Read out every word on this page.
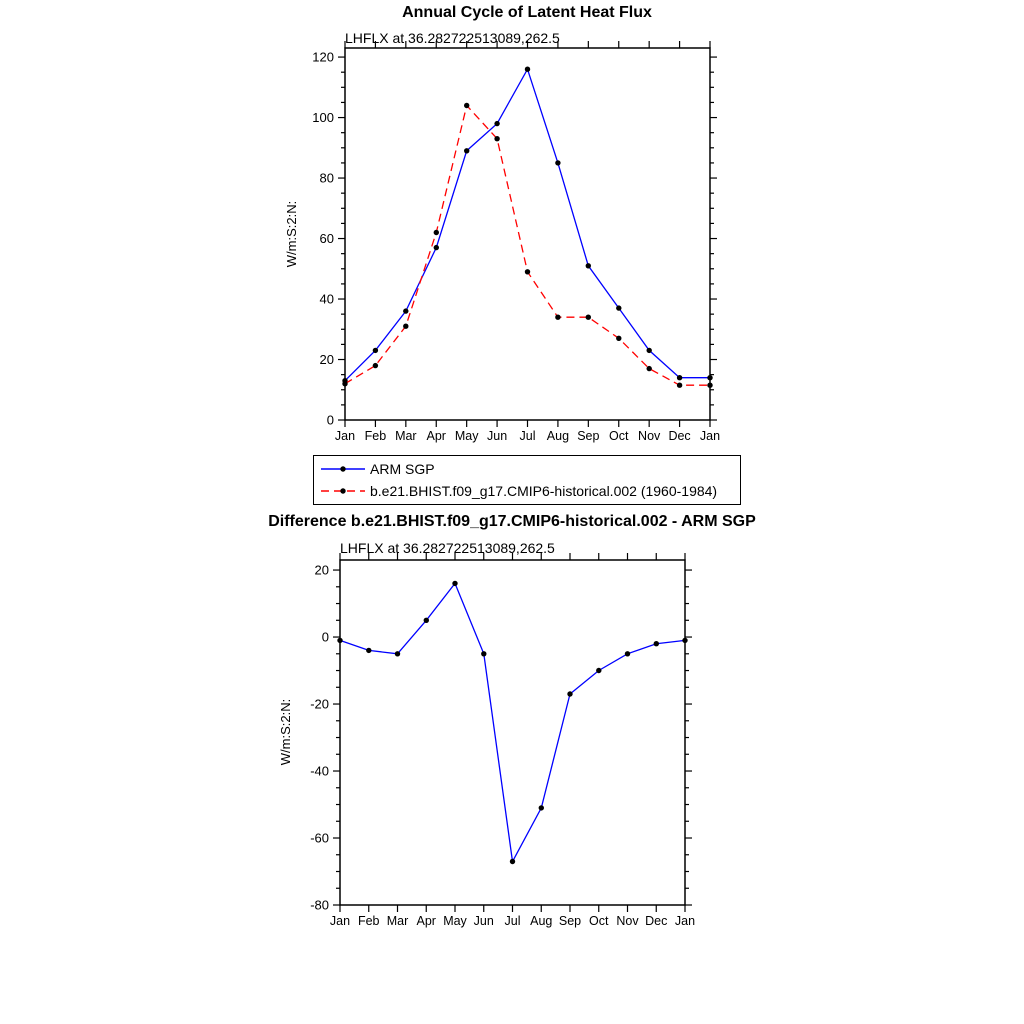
W/m:S:2:N:
W/m:S:2:N:
0
20
40
60
80
100
120
Jan Feb Mar Apr May Jun Jul Aug Sep Oct Nov Dec Jan
-80
-60
-40
-20
0
20
Jan Feb Mar Apr May Jun Jul Aug Sep Oct Nov Dec Jan
Annual Cycle of Latent Heat Flux
LHFLX at 36.282722513089,262.5
ARM SGP
b.e21.BHIST.f09_g17.CMIP6-historical.002 (1960-1984)
Difference b.e21.BHIST.f09_g17.CMIP6-historical.002 - ARM SGP
LHFLX at 36.282722513089,262.5
